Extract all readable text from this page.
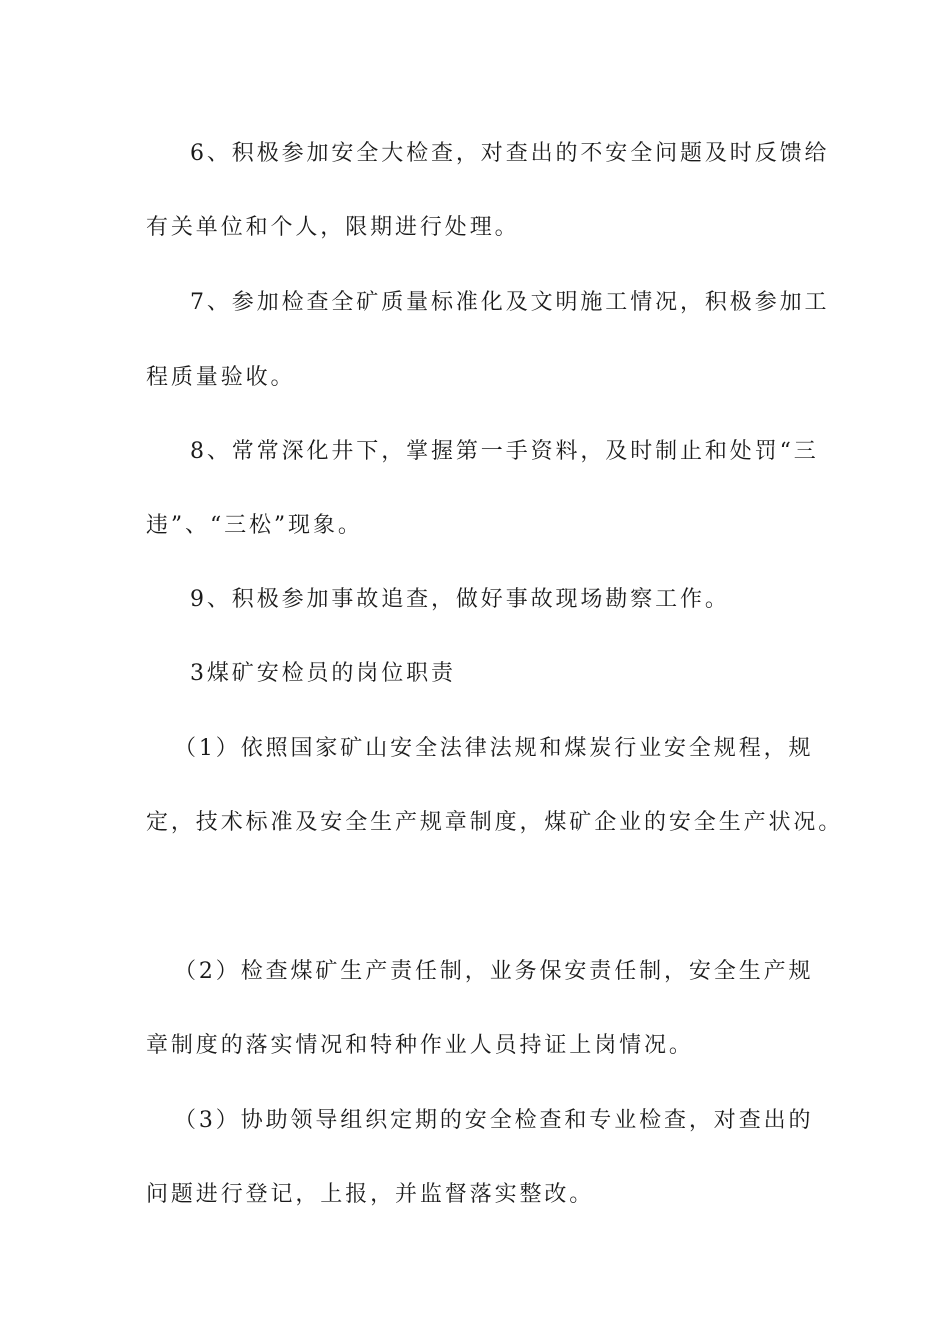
6、积极参加安全大检查，对查出的不安全问题及时反馈给
有关单位和个人，限期进行处理。
7、参加检查全矿质量标准化及文明施工情况，积极参加工
程质量验收。
8、常常深化井下，掌握第一手资料，及时制止和处罚“三
违”、“三松”现象。
9、积极参加事故追查，做好事故现场勘察工作。
3煤矿安检员的岗位职责
（1）依照国家矿山安全法律法规和煤炭行业安全规程，规
定，技术标准及安全生产规章制度，煤矿企业的安全生产状况。
（2）检查煤矿生产责任制，业务保安责任制，安全生产规
章制度的落实情况和特种作业人员持证上岗情况。
（3）协助领导组织定期的安全检查和专业检查，对查出的
问题进行登记，上报，并监督落实整改。
